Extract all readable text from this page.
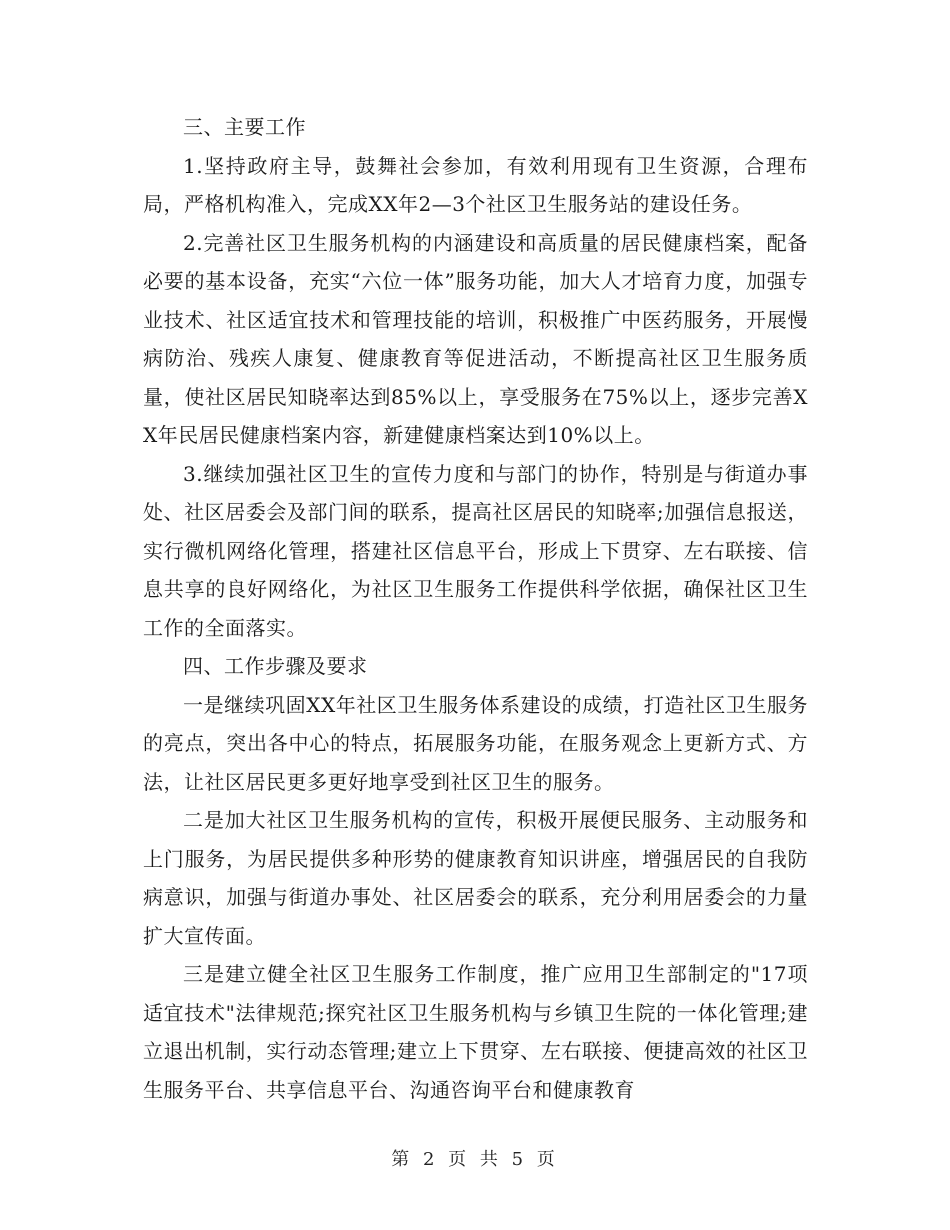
三、主要工作

1.坚持政府主导，鼓舞社会参加，有效利用现有卫生资源，合理布局，严格机构准入，完成XX年2—3个社区卫生服务站的建设任务。

2.完善社区卫生服务机构的内涵建设和高质量的居民健康档案，配备必要的基本设备，充实“六位一体”服务功能，加大人才培育力度，加强专业技术、社区适宜技术和管理技能的培训，积极推广中医药服务，开展慢病防治、残疾人康复、健康教育等促进活动，不断提高社区卫生服务质量，使社区居民知晓率达到85%以上，享受服务在75%以上，逐步完善XX年民居民健康档案内容，新建健康档案达到10%以上。

3.继续加强社区卫生的宣传力度和与部门的协作，特别是与街道办事处、社区居委会及部门间的联系，提高社区居民的知晓率;加强信息报送，实行微机网络化管理，搭建社区信息平台，形成上下贯穿、左右联接、信息共享的良好网络化，为社区卫生服务工作提供科学依据，确保社区卫生工作的全面落实。

四、工作步骤及要求

一是继续巩固XX年社区卫生服务体系建设的成绩，打造社区卫生服务的亮点，突出各中心的特点，拓展服务功能，在服务观念上更新方式、方法，让社区居民更多更好地享受到社区卫生的服务。

二是加大社区卫生服务机构的宣传，积极开展便民服务、主动服务和上门服务，为居民提供多种形势的健康教育知识讲座，增强居民的自我防病意识，加强与街道办事处、社区居委会的联系，充分利用居委会的力量扩大宣传面。

三是建立健全社区卫生服务工作制度，推广应用卫生部制定的"17项适宜技术"法律规范;探究社区卫生服务机构与乡镇卫生院的一体化管理;建立退出机制，实行动态管理;建立上下贯穿、左右联接、便捷高效的社区卫生服务平台、共享信息平台、沟通咨询平台和健康教育

第 2 页 共 5 页
